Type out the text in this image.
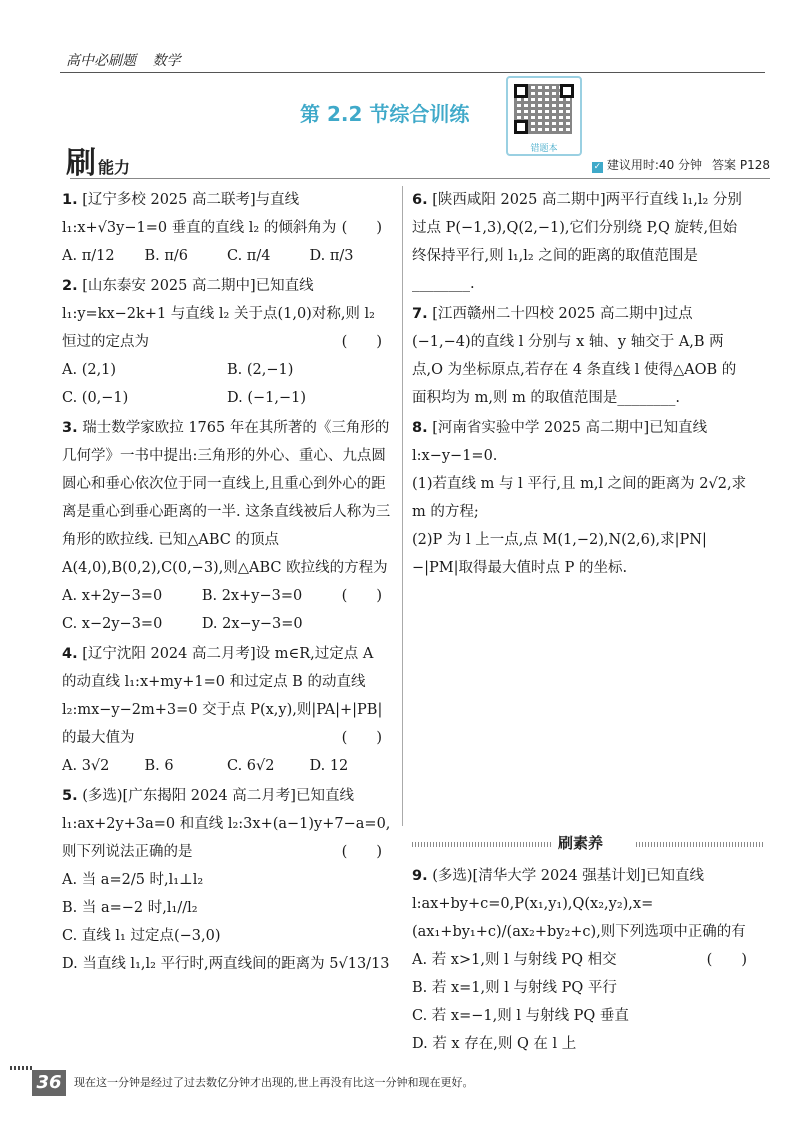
高中必刷题 数学
第 2.2 节综合训练
错题本
刷能力	✓ 建议用时:40 分钟 答案 P128
1. [辽宁多校 2025 高二联考]与直线 l₁:x+√3y−1=0 垂直的直线 l₂ 的倾斜角为 (　　)
A. π/12	B. π/6	C. π/4	D. π/3
2. [山东泰安 2025 高二期中]已知直线 l₁:y=kx−2k+1 与直线 l₂ 关于点(1,0)对称,则 l₂ 恒过的定点为	(　　)
A. (2,1)	B. (2,−1)
C. (0,−1)	D. (−1,−1)
3. 瑞士数学家欧拉 1765 年在其所著的《三角形的几何学》一书中提出:三角形的外心、重心、九点圆圆心和垂心依次位于同一直线上,且重心到外心的距离是重心到垂心距离的一半. 这条直线被后人称为三角形的欧拉线. 已知△ABC 的顶点 A(4,0),B(0,2),C(0,−3),则△ABC 欧拉线的方程为
(　　)
A. x+2y−3=0	B. 2x+y−3=0
C. x−2y−3=0	D. 2x−y−3=0
4. [辽宁沈阳 2024 高二月考]设 m∈R,过定点 A 的动直线 l₁:x+my+1=0 和过定点 B 的动直线 l₂:mx−y−2m+3=0 交于点 P(x,y),则|PA|+|PB|的最大值为	(　　)
A. 3√2	B. 6	C. 6√2	D. 12
5. (多选)[广东揭阳 2024 高二月考]已知直线 l₁:ax+2y+3a=0 和直线 l₂:3x+(a−1)y+7−a=0,则下列说法正确的是	(　　)
A. 当 a=2/5 时,l₁⊥l₂
B. 当 a=−2 时,l₁//l₂
C. 直线 l₁ 过定点(−3,0)
D. 当直线 l₁,l₂ 平行时,两直线间的距离为 5√13/13
6. [陕西咸阳 2025 高二期中]两平行直线 l₁,l₂ 分别过点 P(−1,3),Q(2,−1),它们分别绕 P,Q 旋转,但始终保持平行,则 l₁,l₂ 之间的距离的取值范围是________.
7. [江西赣州二十四校 2025 高二期中]过点(−1,−4)的直线 l 分别与 x 轴、y 轴交于 A,B 两点,O 为坐标原点,若存在 4 条直线 l 使得△AOB 的面积均为 m,则 m 的取值范围是________.
8. [河南省实验中学 2025 高二期中]已知直线 l:x−y−1=0.
(1)若直线 m 与 l 平行,且 m,l 之间的距离为 2√2,求 m 的方程;
(2)P 为 l 上一点,点 M(1,−2),N(2,6),求|PN|−|PM|取得最大值时点 P 的坐标.
刷素养
9. (多选)[清华大学 2024 强基计划]已知直线 l:ax+by+c=0,P(x₁,y₁),Q(x₂,y₂),x=(ax₁+by₁+c)/(ax₂+by₂+c),则下列选项中正确的有
(　　)
A. 若 x>1,则 l 与射线 PQ 相交
B. 若 x=1,则 l 与射线 PQ 平行
C. 若 x=−1,则 l 与射线 PQ 垂直
D. 若 x 存在,则 Q 在 l 上
36	现在这一分钟是经过了过去数亿分钟才出现的,世上再没有比这一分钟和现在更好。
